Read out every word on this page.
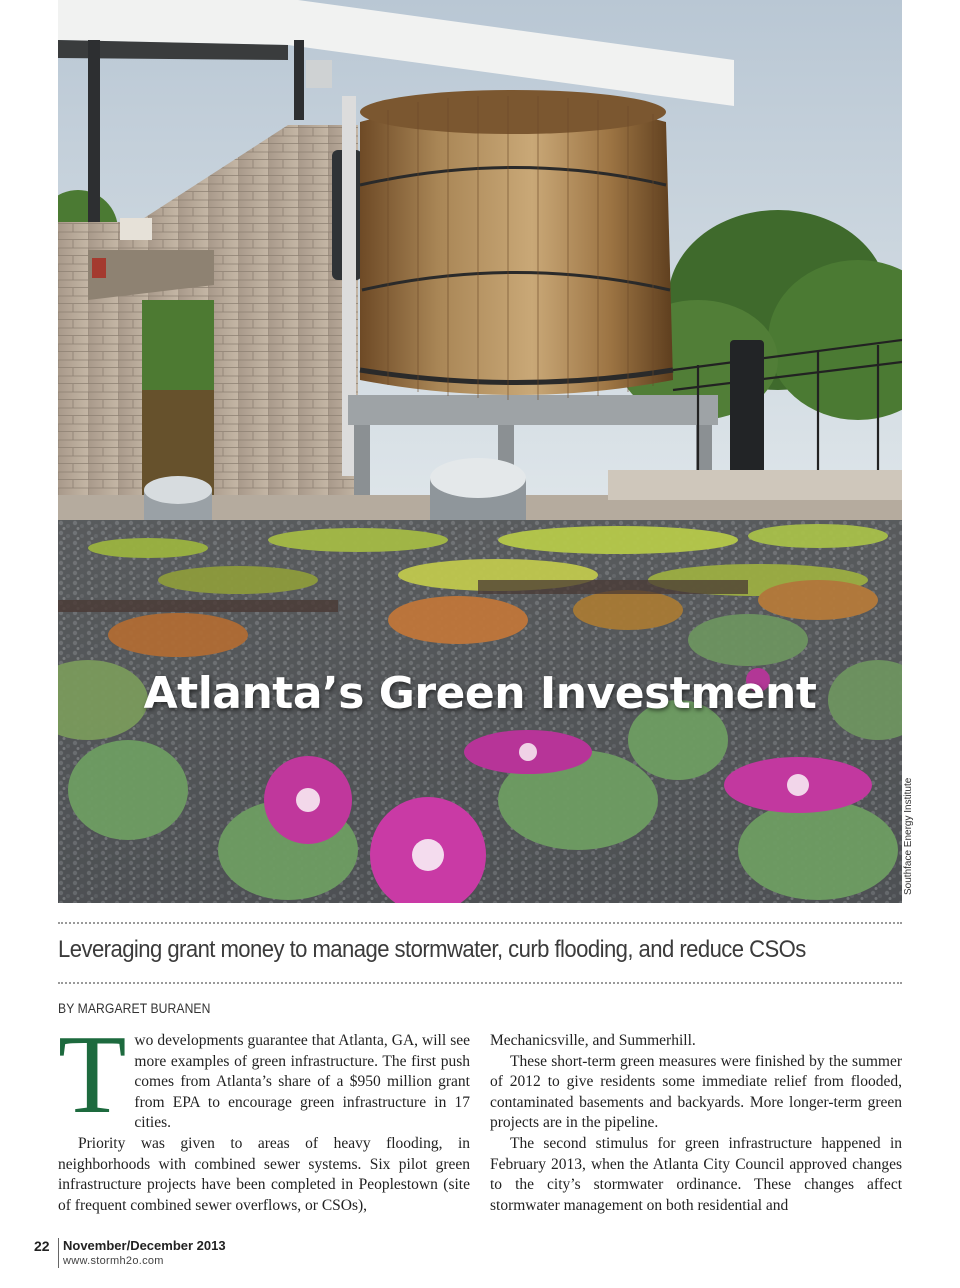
Atlanta’s Green Investment
Southface Energy Institute
Leveraging grant money to manage stormwater, curb flooding, and reduce CSOs

BY MARGARET BURANEN

Two developments guarantee that Atlanta, GA, will see more examples of green infrastructure. The first push comes from Atlanta’s share of a $950 million grant from EPA to encourage green infrastructure in 17 cities.

Priority was given to areas of heavy flooding, in neighborhoods with combined sewer systems. Six pilot green infrastructure projects have been completed in Peoplestown (site of frequent combined sewer overflows, or CSOs),

Mechanicsville, and Summerhill.

These short-term green measures were finished by the summer of 2012 to give residents some immediate relief from flooded, contaminated basements and backyards. More longer-term green projects are in the pipeline.

The second stimulus for green infrastructure happened in February 2013, when the Atlanta City Council approved changes to the city’s stormwater ordinance. These changes affect stormwater management on both residential and

22 November/December 2013
www.stormh2o.com
